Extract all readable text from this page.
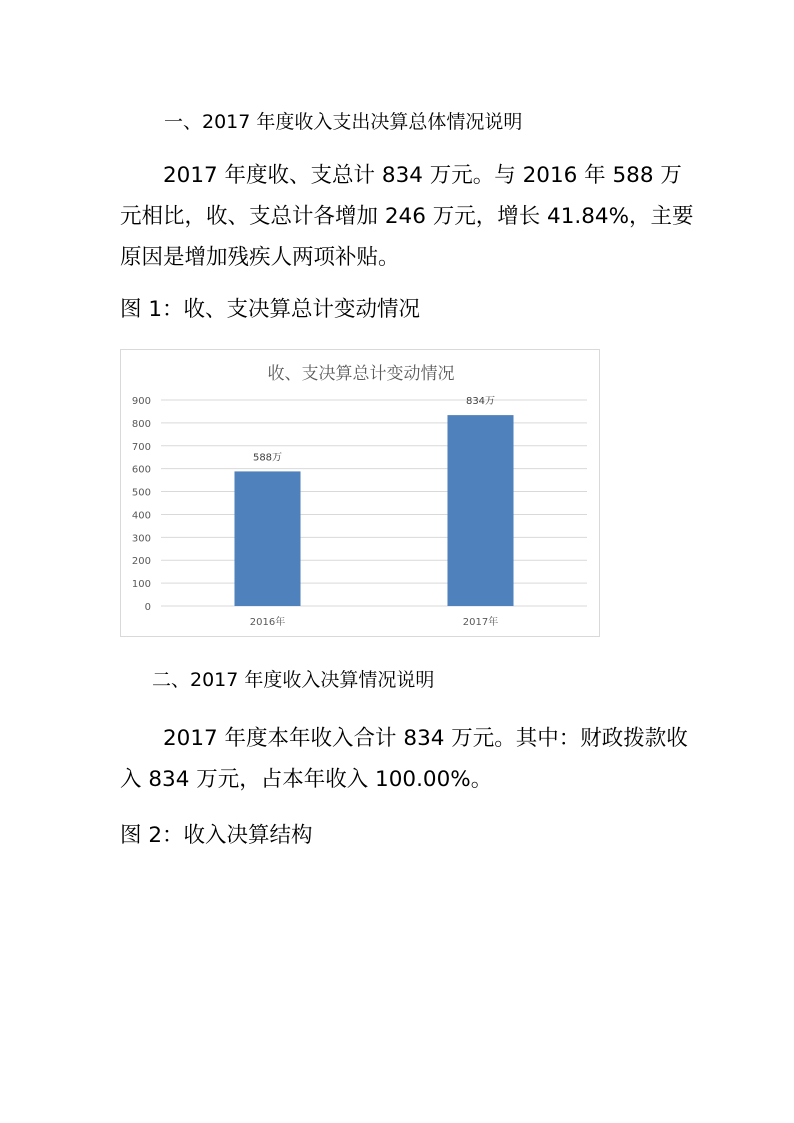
一、2017 年度收入支出决算总体情况说明

2017 年度收、支总计 834 万元。与 2016 年 588 万元相比，收、支总计各增加 246 万元，增长 41.84%，主要原因是增加残疾人两项补贴。

图 1：收、支决算总计变动情况
收、支决算总计变动情况
0
100
200
300
400
500
600
700
800
900
588万
834万
2016年	2017年
二、2017 年度收入决算情况说明

2017 年度本年收入合计 834 万元。其中：财政拨款收入 834 万元，占本年收入 100.00%。

图 2：收入决算结构
